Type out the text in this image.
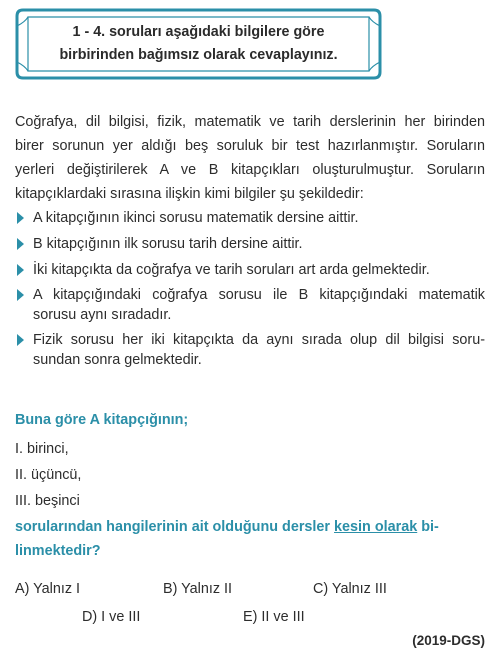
1 - 4. soruları aşağıdaki bilgilere göre
birbirinden bağımsız olarak cevaplayınız.
Coğrafya, dil bilgisi, fizik, matematik ve tarih derslerinin her birinden
birer sorunun yer aldığı beş soruluk bir test hazırlanmıştır. Soruların
yerleri değiştirilerek A ve B kitapçıkları oluşturulmuştur. Soruların
kitapçıklardaki sırasına ilişkin kimi bilgiler şu şekildedir:
A kitapçığının ikinci sorusu matematik dersine aittir.
B kitapçığının ilk sorusu tarih dersine aittir.
İki kitapçıkta da coğrafya ve tarih soruları art arda gelmektedir.
A kitapçığındaki coğrafya sorusu ile B kitapçığındaki matematik
sorusu aynı sıradadır.
Fizik sorusu her iki kitapçıkta da aynı sırada olup dil bilgisi soru-
sundan sonra gelmektedir.
Buna göre A kitapçığının;
I. birinci,
II. üçüncü,
III. beşinci
sorularından hangilerinin ait olduğunu dersler kesin olarak bi-
linmektedir?
A) Yalnız I	B) Yalnız II	C) Yalnız III
D) I ve III	E) II ve III
(2019-DGS)
